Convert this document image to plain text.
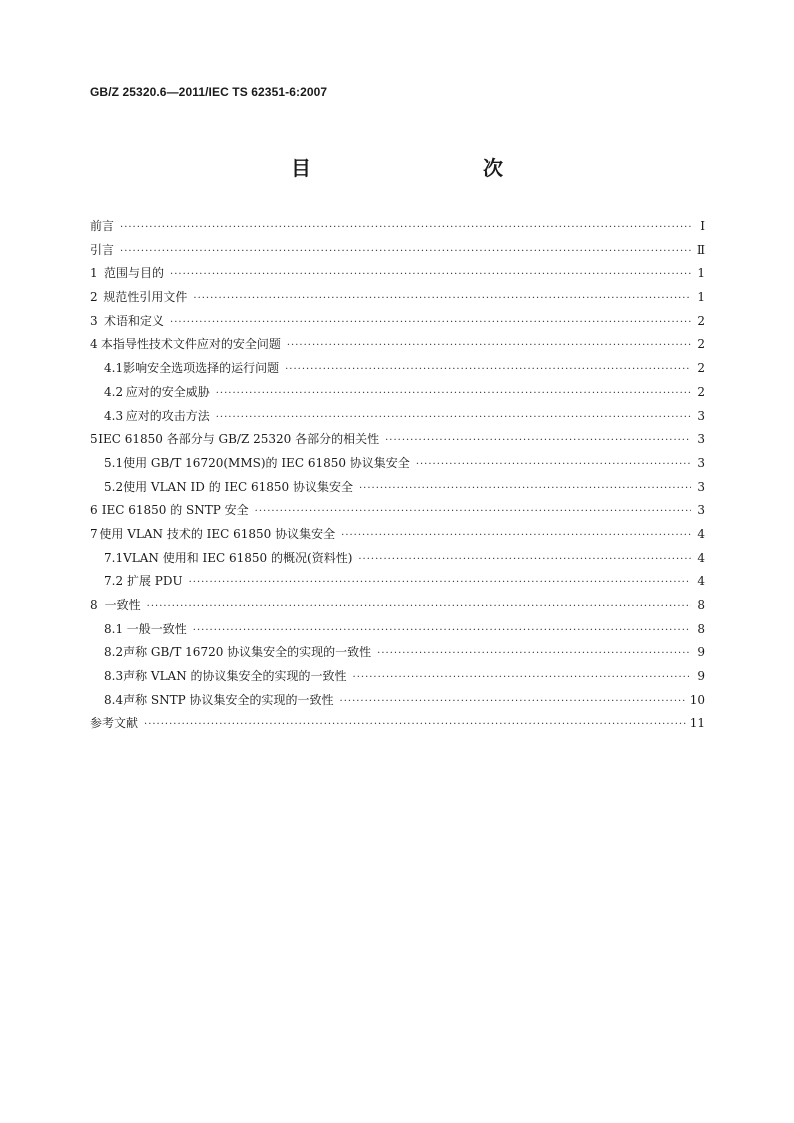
GB/Z 25320.6—2011/IEC TS 62351-6:2007
目　　次
前言 ·····	Ⅰ
引言 ·····	Ⅱ
1 范围与目的 ·····	1
2 规范性引用文件 ·····	1
3 术语和定义 ·····	2
4 本指导性技术文件应对的安全问题 ·····	2
4.1 影响安全选项选择的运行问题 ·····	2
4.2 应对的安全威胁 ·····	2
4.3 应对的攻击方法 ·····	3
5 IEC 61850 各部分与 GB/Z 25320 各部分的相关性 ·····	3
5.1 使用 GB/T 16720(MMS)的 IEC 61850 协议集安全 ·····	3
5.2 使用 VLAN ID 的 IEC 61850 协议集安全 ·····	3
6 IEC 61850 的 SNTP 安全 ·····	3
7 使用 VLAN 技术的 IEC 61850 协议集安全 ·····	4
7.1 VLAN 使用和 IEC 61850 的概况(资料性) ·····	4
7.2 扩展 PDU ·····	4
8 一致性 ·····	8
8.1 一般一致性 ·····	8
8.2 声称 GB/T 16720 协议集安全的实现的一致性 ·····	9
8.3 声称 VLAN 的协议集安全的实现的一致性 ·····	9
8.4 声称 SNTP 协议集安全的实现的一致性 ·····	10
参考文献 ·····	11
